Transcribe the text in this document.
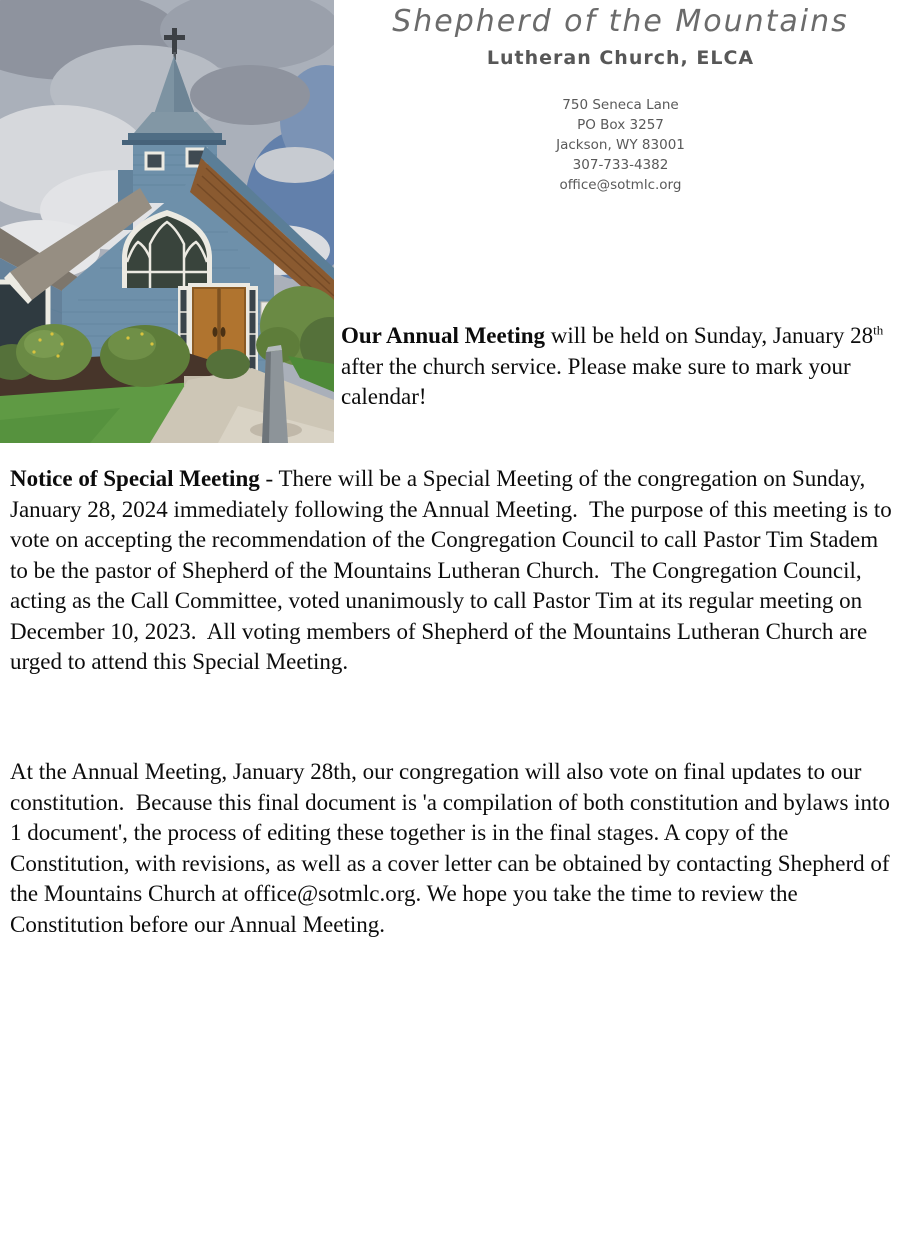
Shepherd of the Mountains
Lutheran Church, ELCA
750 Seneca Lane
PO Box 3257
Jackson, WY 83001
307-733-4382
office@sotmlc.org

Our Annual Meeting will be held on Sunday, January 28th after the church service. Please make sure to mark your calendar!

Notice of Special Meeting - There will be a Special Meeting of the congregation on Sunday, January 28, 2024 immediately following the Annual Meeting.  The purpose of this meeting is to vote on accepting the recommendation of the Congregation Council to call Pastor Tim Stadem to be the pastor of Shepherd of the Mountains Lutheran Church.  The Congregation Council, acting as the Call Committee, voted unanimously to call Pastor Tim at its regular meeting on December 10, 2023.  All voting members of Shepherd of the Mountains Lutheran Church are urged to attend this Special Meeting.

At the Annual Meeting, January 28th, our congregation will also vote on final updates to our constitution.  Because this final document is 'a compilation of both constitution and bylaws into 1 document', the process of editing these together is in the final stages. A copy of the Constitution, with revisions, as well as a cover letter can be obtained by contacting Shepherd of the Mountains Church at office@sotmlc.org. We hope you take the time to review the Constitution before our Annual Meeting.
